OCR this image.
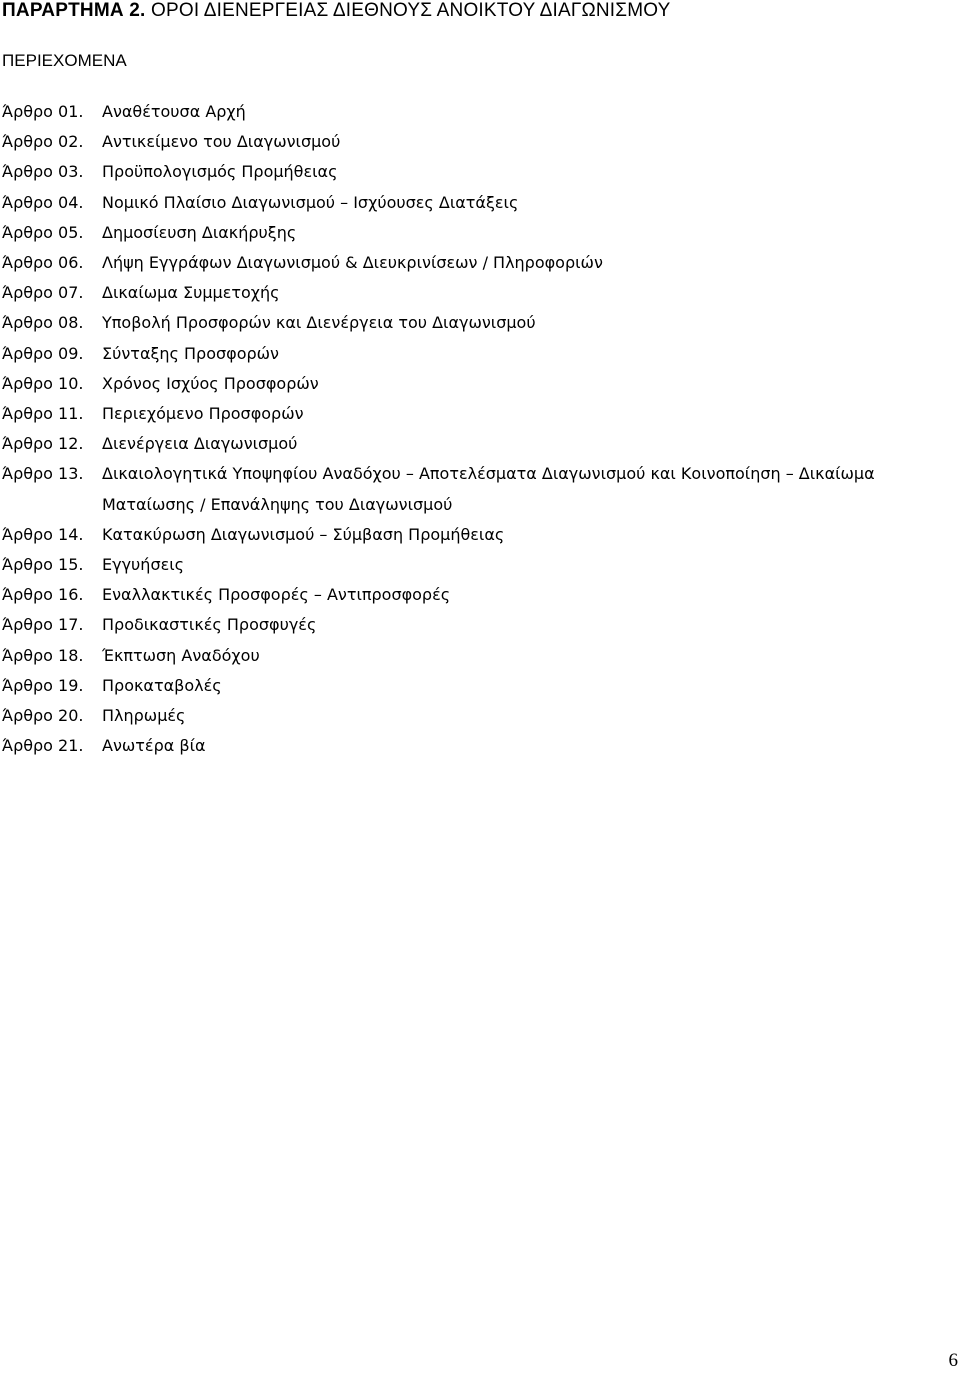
ΠΑΡΑΡΤΗΜΑ 2. ΟΡΟΙ ΔΙΕΝΕΡΓΕΙΑΣ ΔΙΕΘΝΟΥΣ ΑΝΟΙΚΤΟΥ ΔΙΑΓΩΝΙΣΜΟΥ
ΠΕΡΙΕΧΟΜΕΝΑ
Άρθρο 01.	Αναθέτουσα Αρχή
Άρθρο 02.	Αντικείμενο του Διαγωνισμού
Άρθρο 03.	Προϋπολογισμός Προμήθειας
Άρθρο 04.	Νομικό Πλαίσιο Διαγωνισμού – Ισχύουσες Διατάξεις
Άρθρο 05.	Δημοσίευση Διακήρυξης
Άρθρο 06.	Λήψη Εγγράφων Διαγωνισμού & Διευκρινίσεων / Πληροφοριών
Άρθρο 07.	Δικαίωμα Συμμετοχής
Άρθρο 08.	Υποβολή Προσφορών και Διενέργεια του Διαγωνισμού
Άρθρο 09.	Σύνταξης Προσφορών
Άρθρο 10.	Χρόνος Ισχύος Προσφορών
Άρθρο 11.	Περιεχόμενο Προσφορών
Άρθρο 12.	Διενέργεια Διαγωνισμού
Άρθρο 13.	Δικαιολογητικά Υποψηφίου Αναδόχου – Αποτελέσματα Διαγωνισμού και Κοινοποίηση – Δικαίωμα Ματαίωσης / Επανάληψης του Διαγωνισμού
Άρθρο 14.	Κατακύρωση Διαγωνισμού – Σύμβαση Προμήθειας
Άρθρο 15.	Εγγυήσεις
Άρθρο 16.	Εναλλακτικές Προσφορές – Αντιπροσφορές
Άρθρο 17.	Προδικαστικές Προσφυγές
Άρθρο 18.	Έκπτωση Αναδόχου
Άρθρο 19.	Προκαταβολές
Άρθρο 20.	Πληρωμές
Άρθρο 21.	Ανωτέρα βία
6
